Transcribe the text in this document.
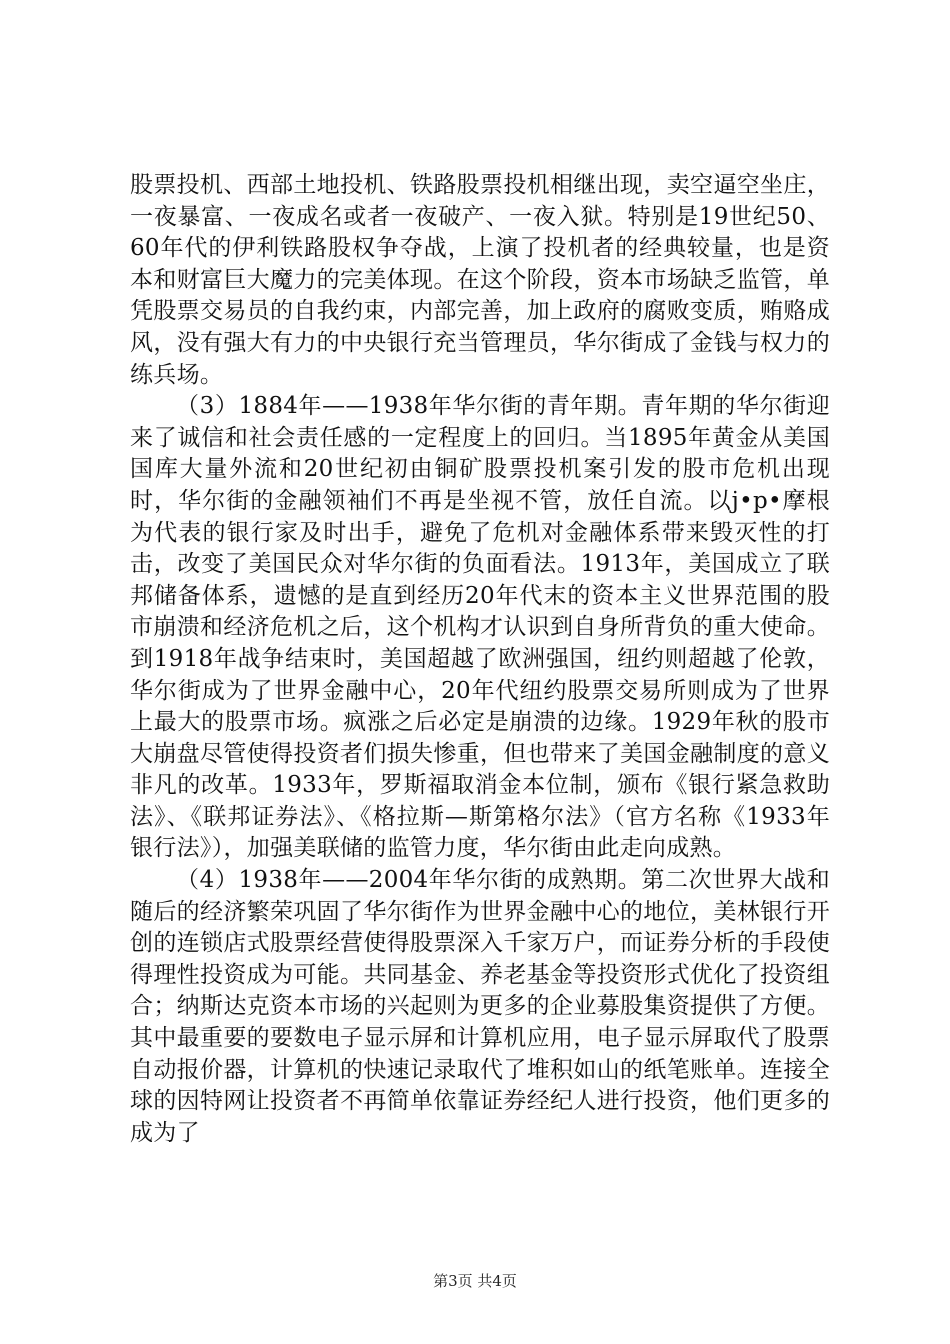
股票投机、西部土地投机、铁路股票投机相继出现，卖空逼空坐庄，一夜暴富、一夜成名或者一夜破产、一夜入狱。特别是19世纪50、60年代的伊利铁路股权争夺战，上演了投机者的经典较量，也是资本和财富巨大魔力的完美体现。在这个阶段，资本市场缺乏监管，单凭股票交易员的自我约束，内部完善，加上政府的腐败变质，贿赂成风，没有强大有力的中央银行充当管理员，华尔街成了金钱与权力的练兵场。

（3）1884年——1938年华尔街的青年期。青年期的华尔街迎来了诚信和社会责任感的一定程度上的回归。当1895年黄金从美国国库大量外流和20世纪初由铜矿股票投机案引发的股市危机出现时，华尔街的金融领袖们不再是坐视不管，放任自流。以j•p•摩根为代表的银行家及时出手，避免了危机对金融体系带来毁灭性的打击，改变了美国民众对华尔街的负面看法。1913年，美国成立了联邦储备体系，遗憾的是直到经历20年代末的资本主义世界范围的股市崩溃和经济危机之后，这个机构才认识到自身所背负的重大使命。到1918年战争结束时，美国超越了欧洲强国，纽约则超越了伦敦，华尔街成为了世界金融中心，20年代纽约股票交易所则成为了世界上最大的股票市场。疯涨之后必定是崩溃的边缘。1929年秋的股市大崩盘尽管使得投资者们损失惨重，但也带来了美国金融制度的意义非凡的改革。1933年，罗斯福取消金本位制，颁布《银行紧急救助法》、《联邦证券法》、《格拉斯—斯第格尔法》（官方名称《1933年银行法》），加强美联储的监管力度，华尔街由此走向成熟。

（4）1938年——2004年华尔街的成熟期。第二次世界大战和随后的经济繁荣巩固了华尔街作为世界金融中心的地位，美林银行开创的连锁店式股票经营使得股票深入千家万户，而证券分析的手段使得理性投资成为可能。共同基金、养老基金等投资形式优化了投资组合；纳斯达克资本市场的兴起则为更多的企业募股集资提供了方便。其中最重要的要数电子显示屏和计算机应用，电子显示屏取代了股票自动报价器，计算机的快速记录取代了堆积如山的纸笔账单。连接全球的因特网让投资者不再简单依靠证券经纪人进行投资，他们更多的成为了

第3页 共4页
